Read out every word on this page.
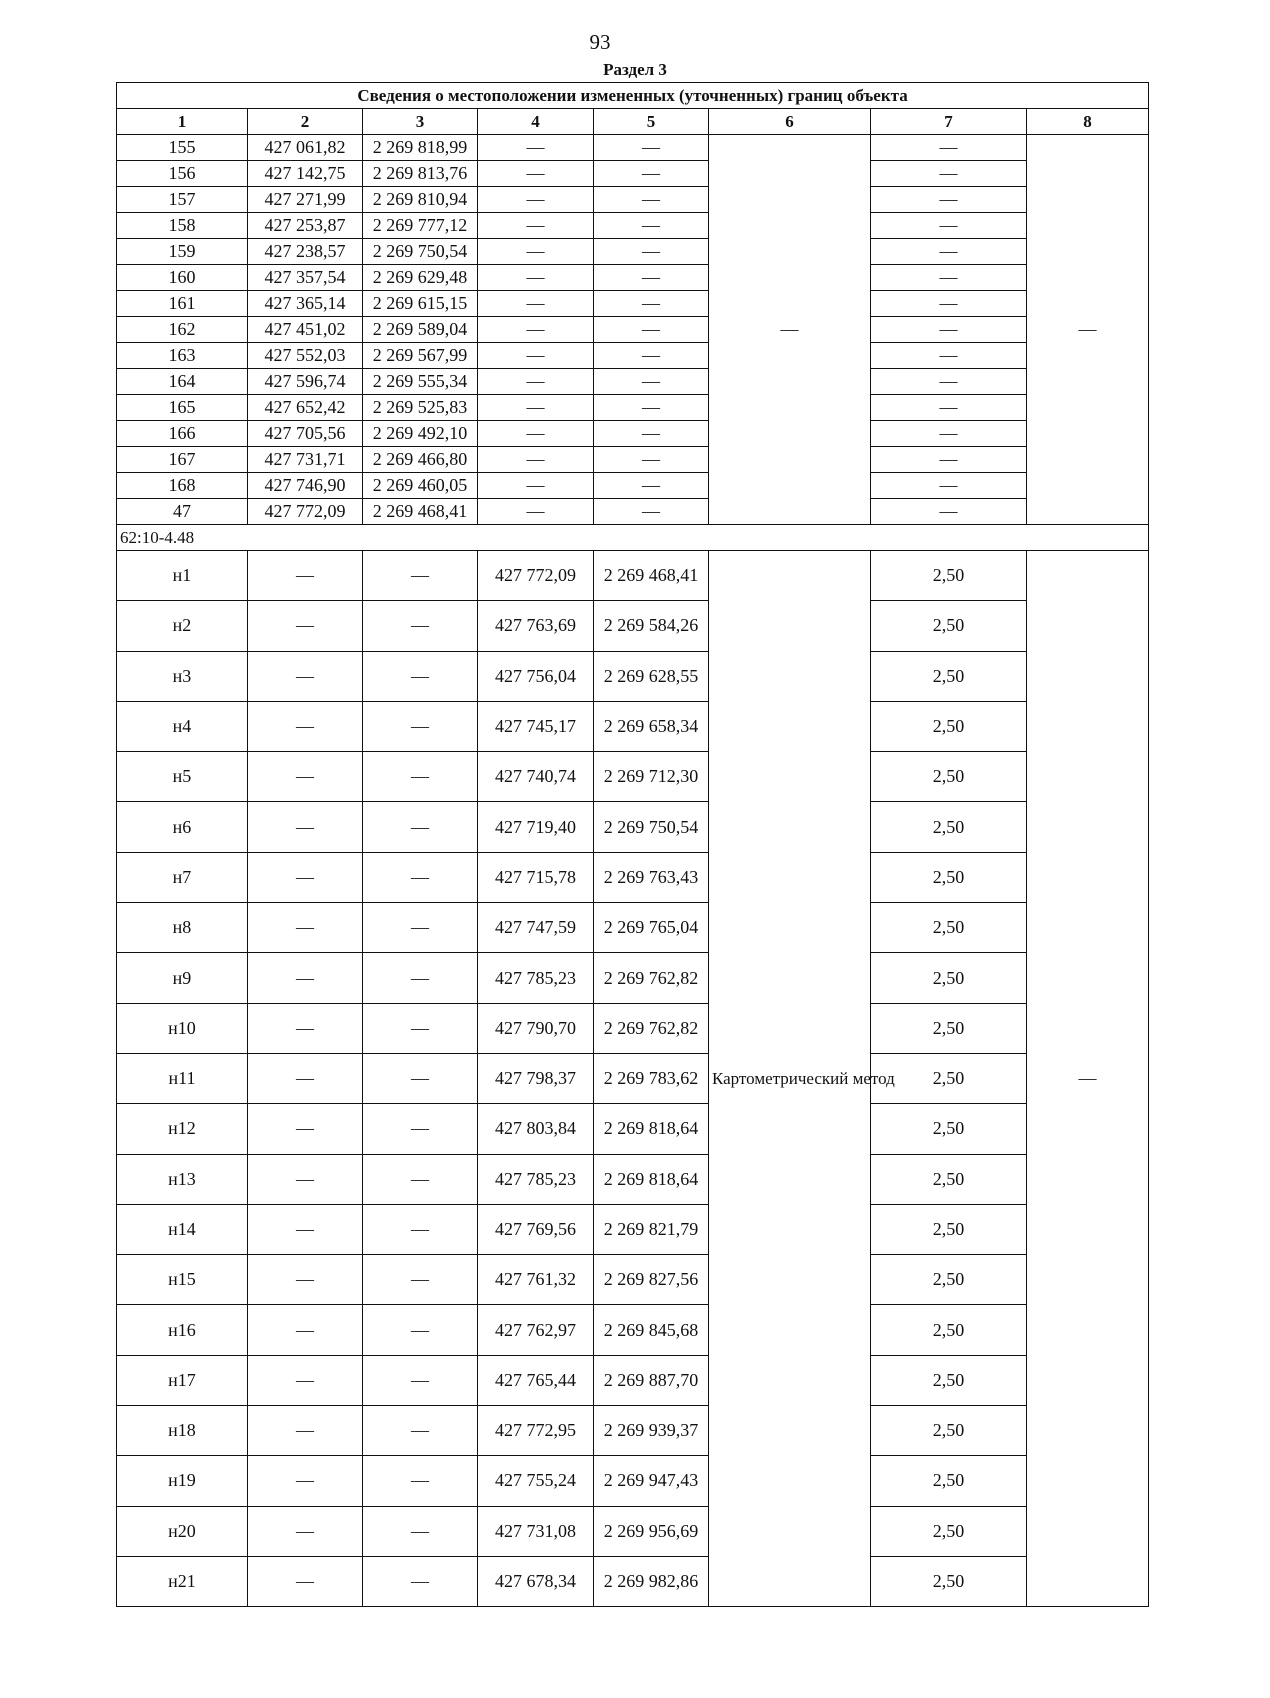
93
Раздел 3
Сведения о местоположении измененных (уточненных) границ объекта							
1	2	3	4	5	6	7	8
155	427 061,82	2 269 818,99	—	—	—	—	—
156	427 142,75	2 269 813,76	—	—		—	
157	427 271,99	2 269 810,94	—	—		—	
158	427 253,87	2 269 777,12	—	—		—	
159	427 238,57	2 269 750,54	—	—		—	
160	427 357,54	2 269 629,48	—	—		—	
161	427 365,14	2 269 615,15	—	—		—	
162	427 451,02	2 269 589,04	—	—		—	
163	427 552,03	2 269 567,99	—	—		—	
164	427 596,74	2 269 555,34	—	—		—	
165	427 652,42	2 269 525,83	—	—		—	
166	427 705,56	2 269 492,10	—	—		—	
167	427 731,71	2 269 466,80	—	—		—	
168	427 746,90	2 269 460,05	—	—		—	
47	427 772,09	2 269 468,41	—	—		—	
62:10-4.48							
н1	—	—	427 772,09	2 269 468,41	Картометрический метод	2,50	—
н2	—	—	427 763,69	2 269 584,26		2,50	
н3	—	—	427 756,04	2 269 628,55		2,50	
н4	—	—	427 745,17	2 269 658,34		2,50	
н5	—	—	427 740,74	2 269 712,30		2,50	
н6	—	—	427 719,40	2 269 750,54		2,50	
н7	—	—	427 715,78	2 269 763,43		2,50	
н8	—	—	427 747,59	2 269 765,04		2,50	
н9	—	—	427 785,23	2 269 762,82		2,50	
н10	—	—	427 790,70	2 269 762,82		2,50	
н11	—	—	427 798,37	2 269 783,62		2,50	
н12	—	—	427 803,84	2 269 818,64		2,50	
н13	—	—	427 785,23	2 269 818,64		2,50	
н14	—	—	427 769,56	2 269 821,79		2,50	
н15	—	—	427 761,32	2 269 827,56		2,50	
н16	—	—	427 762,97	2 269 845,68		2,50	
н17	—	—	427 765,44	2 269 887,70		2,50	
н18	—	—	427 772,95	2 269 939,37		2,50	
н19	—	—	427 755,24	2 269 947,43		2,50	
н20	—	—	427 731,08	2 269 956,69		2,50	
н21	—	—	427 678,34	2 269 982,86		2,50	
